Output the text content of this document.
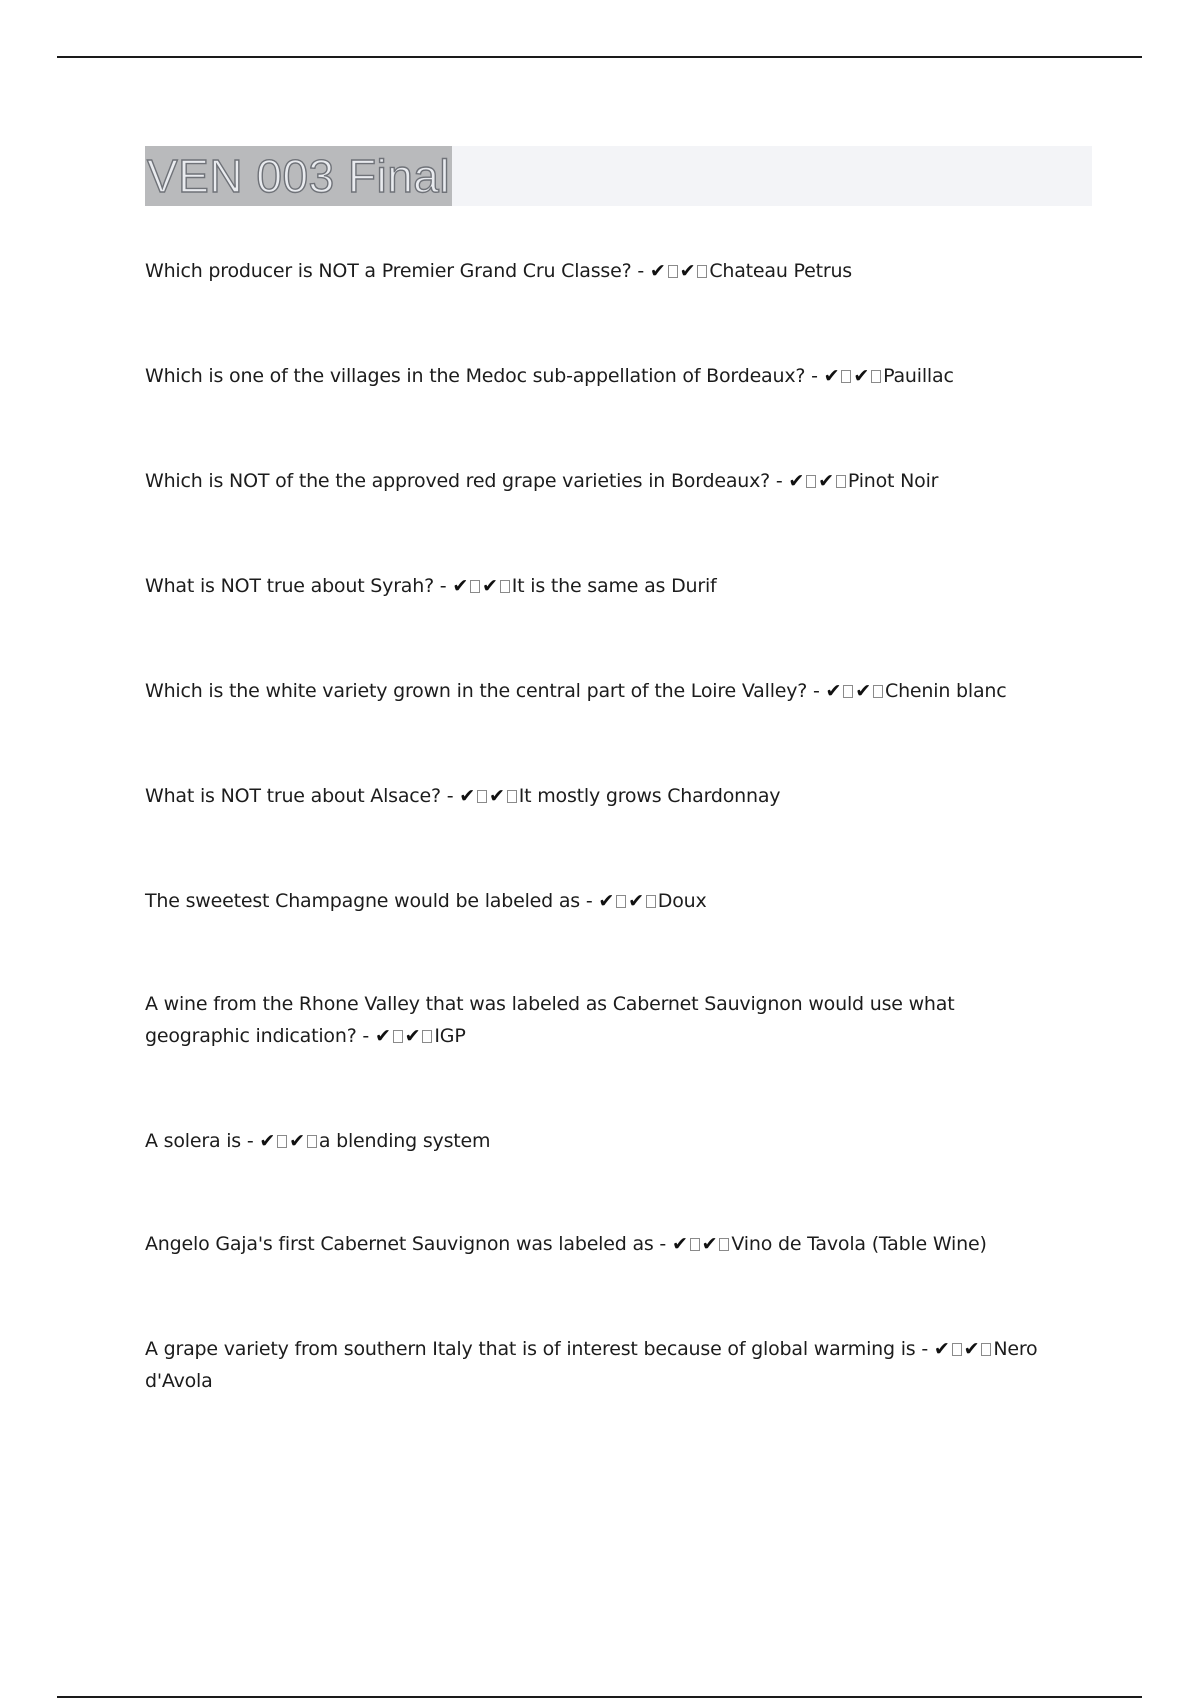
VEN 003 Final
Which producer is NOT a Premier Grand Cru Classe? - ✔ ✔ Chateau Petrus
Which is one of the villages in the Medoc sub-appellation of Bordeaux? - ✔ ✔ Pauillac
Which is NOT of the the approved red grape varieties in Bordeaux? - ✔ ✔ Pinot Noir
What is NOT true about Syrah? - ✔ ✔ It is the same as Durif
Which is the white variety grown in the central part of the Loire Valley? - ✔ ✔ Chenin blanc
What is NOT true about Alsace? - ✔ ✔ It mostly grows Chardonnay
The sweetest Champagne would be labeled as - ✔ ✔ Doux
A wine from the Rhone Valley that was labeled as Cabernet Sauvignon would use what geographic indication? - ✔ ✔ IGP
A solera is - ✔ ✔ a blending system
Angelo Gaja's first Cabernet Sauvignon was labeled as - ✔ ✔ Vino de Tavola (Table Wine)
A grape variety from southern Italy that is of interest because of global warming is - ✔ ✔ Nero d'Avola
